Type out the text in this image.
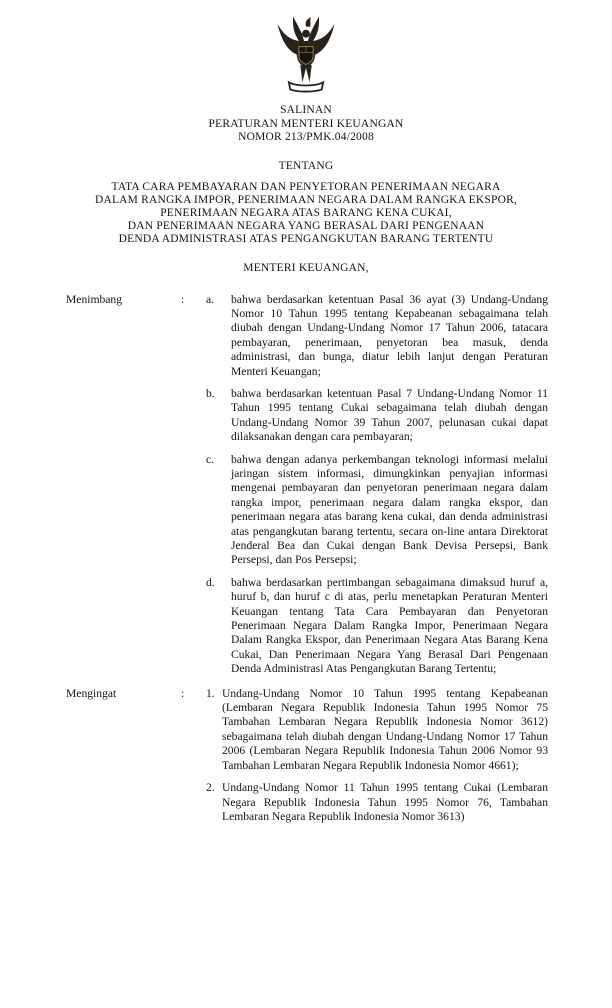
SALINAN
PERATURAN MENTERI KEUANGAN
NOMOR 213/PMK.04/2008
TENTANG
TATA CARA PEMBAYARAN DAN PENYETORAN PENERIMAAN NEGARA
DALAM RANGKA IMPOR, PENERIMAAN NEGARA DALAM RANGKA EKSPOR,
PENERIMAAN NEGARA ATAS BARANG KENA CUKAI,
DAN PENERIMAAN NEGARA YANG BERASAL DARI PENGENAAN
DENDA ADMINISTRASI ATAS PENGANGKUTAN BARANG TERTENTU
MENTERI KEUANGAN,
Menimbang	:	a.	bahwa berdasarkan ketentuan Pasal 36 ayat (3) Undang-Undang Nomor 10 Tahun 1995 tentang Kepabeanan sebagaimana telah diubah dengan Undang-Undang Nomor 17 Tahun 2006, tatacara pembayaran, penerimaan, penyetoran bea masuk, denda administrasi, dan bunga, diatur lebih lanjut dengan Peraturan Menteri Keuangan;
b.	bahwa berdasarkan ketentuan Pasal 7 Undang-Undang Nomor 11 Tahun 1995 tentang Cukai sebagaimana telah diubah dengan Undang-Undang Nomor 39 Tahun 2007, pelunasan cukai dapat dilaksanakan dengan cara pembayaran;
c.	bahwa dengan adanya perkembangan teknologi informasi melalui jaringan sistem informasi, dimungkinkan penyajian informasi mengenai pembayaran dan penyetoran penerimaan negara dalam rangka impor, penerimaan negara dalam rangka ekspor, dan penerimaan negara atas barang kena cukai, dan denda administrasi atas pengangkutan barang tertentu, secara on-line antara Direktorat Jenderal Bea dan Cukai dengan Bank Devisa Persepsi, Bank Persepsi, dan Pos Persepsi;
d.	bahwa berdasarkan pertimbangan sebagaimana dimaksud huruf a, huruf b, dan huruf c di atas, perlu menetapkan Peraturan Menteri Keuangan tentang Tata Cara Pembayaran dan Penyetoran Penerimaan Negara Dalam Rangka Impor, Penerimaan Negara Dalam Rangka Ekspor, dan Penerimaan Negara Atas Barang Kena Cukai, Dan Penerimaan Negara Yang Berasal Dari Pengenaan Denda Administrasi Atas Pengangkutan Barang Tertentu;
Mengingat	:	1. Undang-Undang Nomor 10 Tahun 1995 tentang Kepabeanan (Lembaran Negara Republik Indonesia Tahun 1995 Nomor 75 Tambahan Lembaran Negara Republik Indonesia Nomor 3612) sebagaimana telah diubah dengan Undang-Undang Nomor 17 Tahun 2006 (Lembaran Negara Republik Indonesia Tahun 2006 Nomor 93 Tambahan Lembaran Negara Republik Indonesia Nomor 4661);
2. Undang-Undang Nomor 11 Tahun 1995 tentang Cukai (Lembaran Negara Republik Indonesia Tahun 1995 Nomor 76, Tambahan Lembaran Negara Republik Indonesia Nomor 3613)
